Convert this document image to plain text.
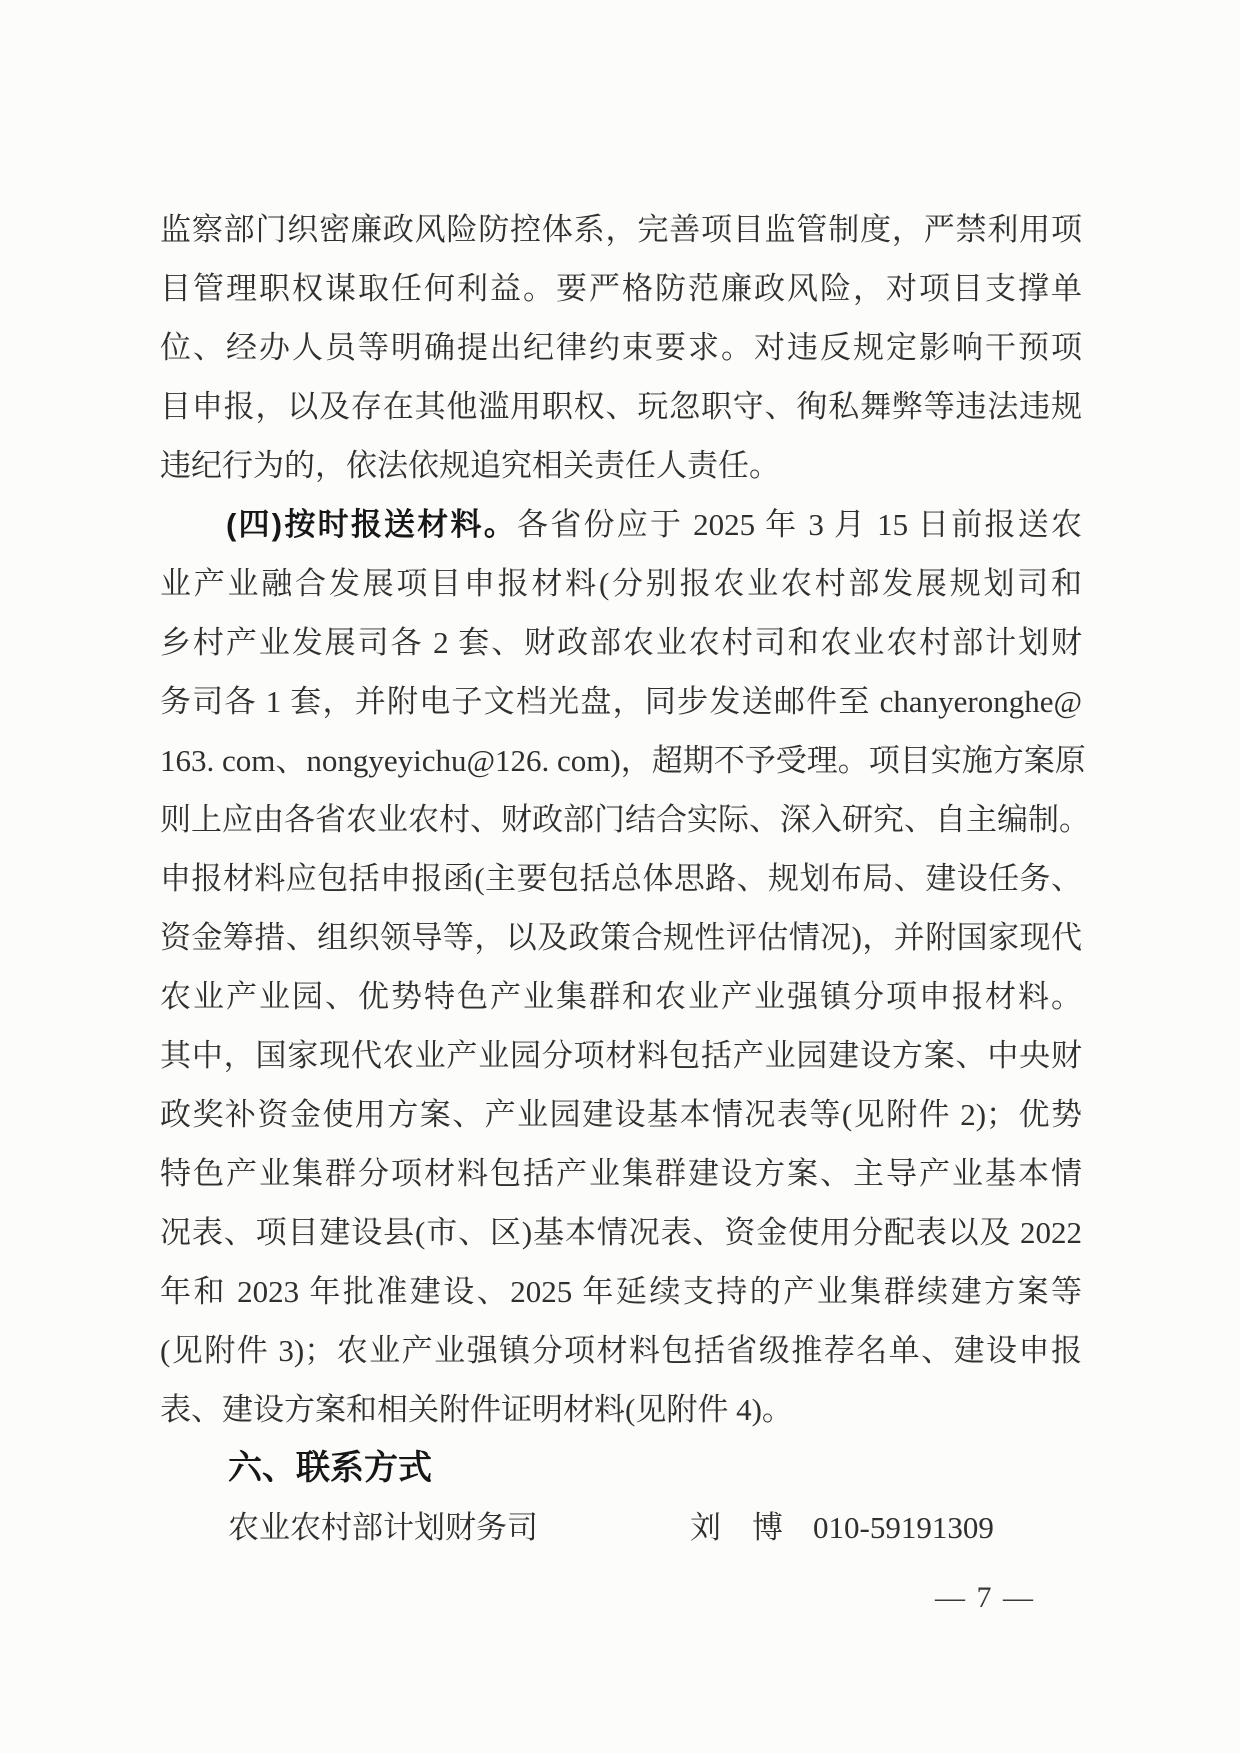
监察部门织密廉政风险防控体系，完善项目监管制度，严禁利用项
目管理职权谋取任何利益。要严格防范廉政风险，对项目支撑单
位、经办人员等明确提出纪律约束要求。对违反规定影响干预项
目申报，以及存在其他滥用职权、玩忽职守、徇私舞弊等违法违规
违纪行为的，依法依规追究相关责任人责任。
(四)按时报送材料。各省份应于 2025 年 3 月 15 日前报送农
业产业融合发展项目申报材料(分别报农业农村部发展规划司和
乡村产业发展司各 2 套、财政部农业农村司和农业农村部计划财
务司各 1 套，并附电子文档光盘，同步发送邮件至 chanyeronghe@
163. com、nongyeyichu@126. com)，超期不予受理。项目实施方案原
则上应由各省农业农村、财政部门结合实际、深入研究、自主编制。
申报材料应包括申报函(主要包括总体思路、规划布局、建设任务、
资金筹措、组织领导等，以及政策合规性评估情况)，并附国家现代
农业产业园、优势特色产业集群和农业产业强镇分项申报材料。
其中，国家现代农业产业园分项材料包括产业园建设方案、中央财
政奖补资金使用方案、产业园建设基本情况表等(见附件 2)；优势
特色产业集群分项材料包括产业集群建设方案、主导产业基本情
况表、项目建设县(市、区)基本情况表、资金使用分配表以及 2022
年和 2023 年批准建设、2025 年延续支持的产业集群续建方案等
(见附件 3)；农业产业强镇分项材料包括省级推荐名单、建设申报
表、建设方案和相关附件证明材料(见附件 4)。
六、联系方式
农业农村部计划财务司	刘　博 010-59191309
— 7 —
